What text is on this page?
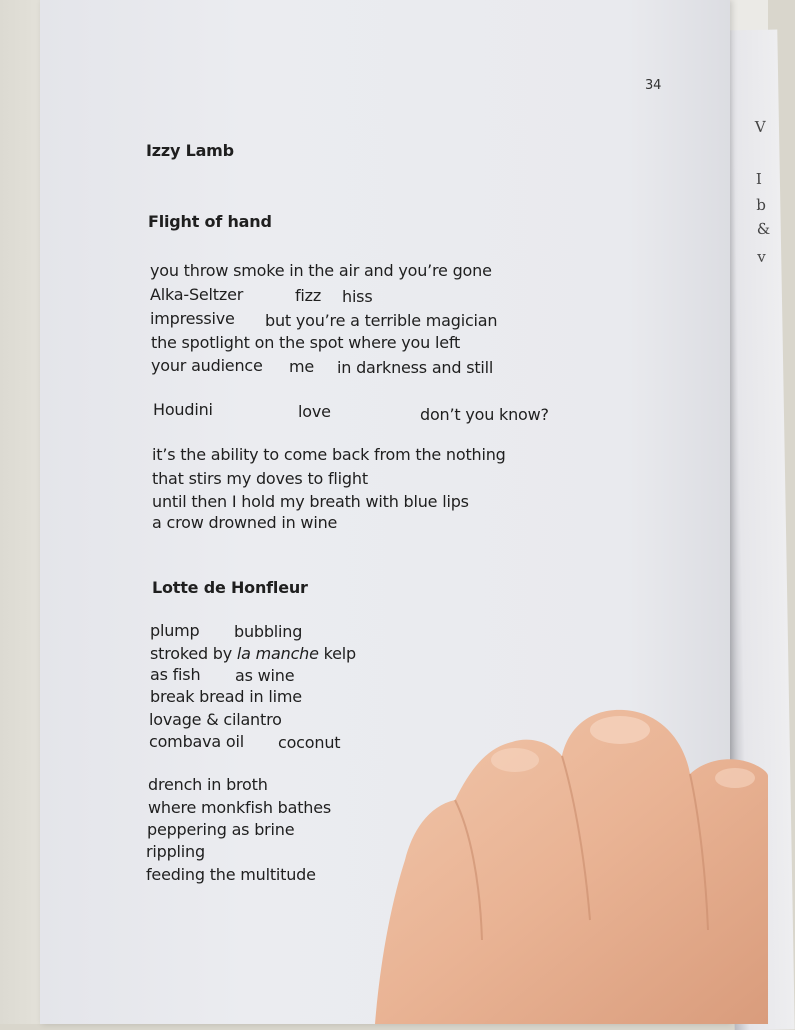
V
I
b
&
v
34
Izzy Lamb
Flight of hand
you throw smoke in the air and you’re gone
Alka-Seltzer	fizz hiss
impressive but you’re a terrible magician
the spotlight on the spot where you left
your audience me in darkness and still
Houdini	love	don’t you know?
it’s the ability to come back from the nothing
that stirs my doves to flight
until then I hold my breath with blue lips
a crow drowned in wine
Lotte de Honfleur
plump bubbling
stroked by la manche kelp
as fish as wine
break bread in lime
lovage & cilantro
combava oil coconut
drench in broth
where monkfish bathes
peppering as brine
rippling
feeding the multitude
